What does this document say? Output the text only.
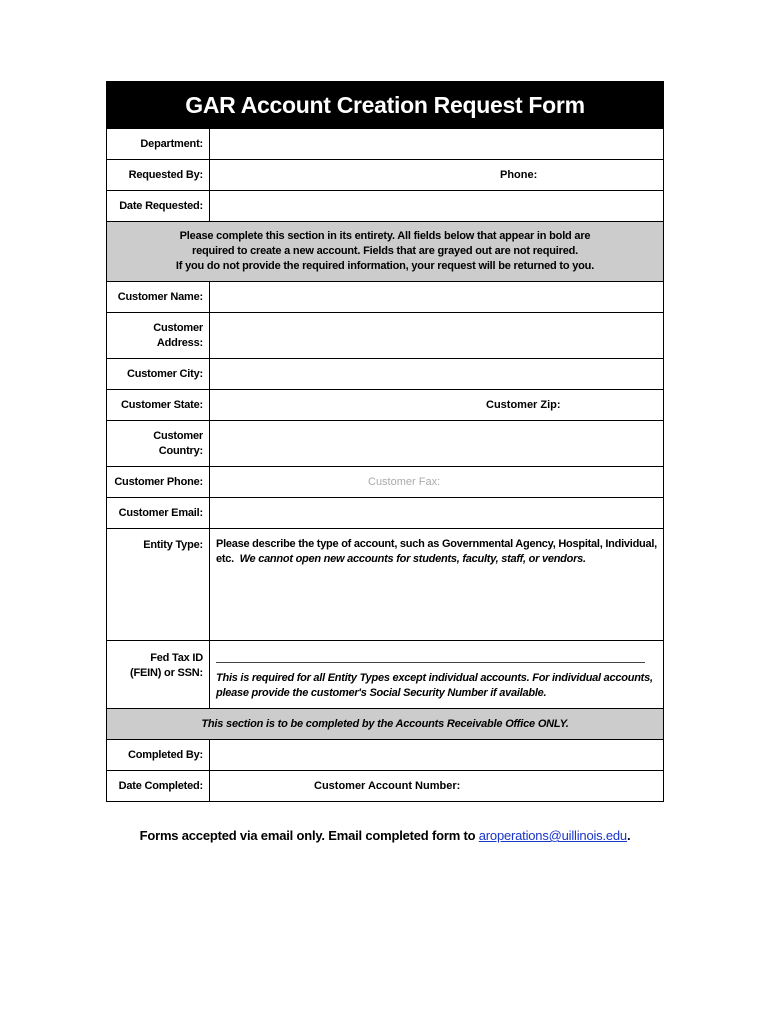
GAR Account Creation Request Form	
Department:	
Requested By:	Phone:

Date Requested:	

Please complete this section in its entirety. All fields below that appear in bold are
required to create a new account. Fields that are grayed out are not required.
If you do not provide the required information, your request will be returned to you.	

Customer Name:	
Customer Address:	
Customer City:	
Customer State:	Customer Zip:

Customer Country:	
Customer Phone:	Customer Fax:

Customer Email:	
Entity Type:	Please describe the type of account, such as Governmental Agency, Hospital, Individual, etc. We cannot open new accounts for students, faculty, staff, or vendors.
Fed Tax ID (FEIN) or SSN:	This is required for all Entity Types except individual accounts. For individual accounts, please provide the customer's Social Security Number if available.

This section is to be completed by the Accounts Receivable Office ONLY.	
Completed By:	
Date Completed:	Customer Account Number:
Forms accepted via email only. Email completed form to aroperations@uillinois.edu.
